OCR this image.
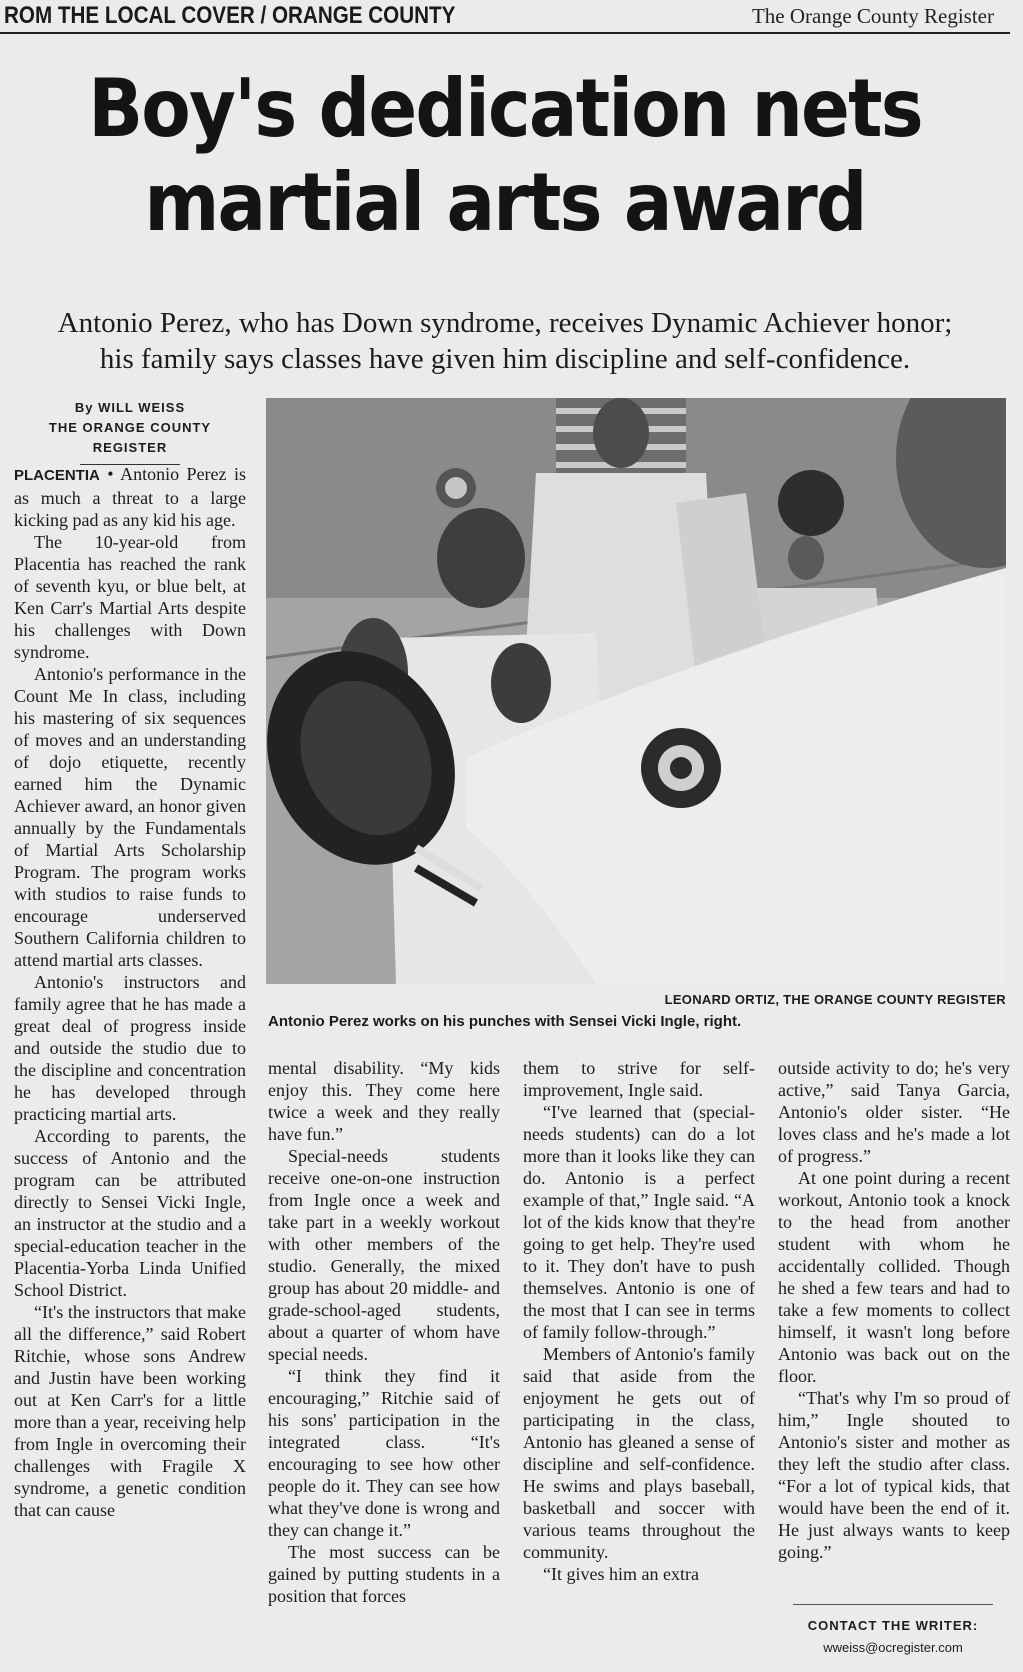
ROM THE LOCAL COVER / ORANGE COUNTY	The Orange County Register
Boy's dedication nets
martial arts award
Antonio Perez, who has Down syndrome, receives Dynamic Achiever honor;
his family says classes have given him discipline and self-confidence.
By WILL WEISS
THE ORANGE COUNTY REGISTER
LEONARD ORTIZ, THE ORANGE COUNTY REGISTER
Antonio Perez works on his punches with Sensei Vicki Ingle, right.

PLACENTIA • Antonio Perez is as much a threat to a large kicking pad as any kid his age.

The 10-year-old from Placentia has reached the rank of seventh kyu, or blue belt, at Ken Carr's Martial Arts despite his challenges with Down syndrome.

Antonio's performance in the Count Me In class, including his mastering of six sequences of moves and an understanding of dojo etiquette, recently earned him the Dynamic Achiever award, an honor given annually by the Fundamentals of Martial Arts Scholarship Program. The program works with studios to raise funds to encourage underserved Southern California children to attend martial arts classes.

Antonio's instructors and family agree that he has made a great deal of progress inside and outside the studio due to the discipline and concentration he has developed through practicing martial arts.

According to parents, the success of Antonio and the program can be attributed directly to Sensei Vicki Ingle, an instructor at the studio and a special-education teacher in the Placentia-Yorba Linda Unified School District.

“It's the instructors that make all the difference,” said Robert Ritchie, whose sons Andrew and Justin have been working out at Ken Carr's for a little more than a year, receiving help from Ingle in overcoming their challenges with Fragile X syndrome, a genetic condition that can cause

mental disability. “My kids enjoy this. They come here twice a week and they really have fun.”

Special-needs students receive one-on-one instruction from Ingle once a week and take part in a weekly workout with other members of the studio. Generally, the mixed group has about 20 middle- and grade-school-aged students, about a quarter of whom have special needs.

“I think they find it encouraging,” Ritchie said of his sons' participation in the integrated class. “It's encouraging to see how other people do it. They can see how what they've done is wrong and they can change it.”

The most success can be gained by putting students in a position that forces

them to strive for self-improvement, Ingle said.

“I've learned that (special-needs students) can do a lot more than it looks like they can do. Antonio is a perfect example of that,” Ingle said. “A lot of the kids know that they're going to get help. They're used to it. They don't have to push themselves. Antonio is one of the most that I can see in terms of family follow-through.”

Members of Antonio's family said that aside from the enjoyment he gets out of participating in the class, Antonio has gleaned a sense of discipline and self-confidence. He swims and plays baseball, basketball and soccer with various teams throughout the community.

“It gives him an extra

outside activity to do; he's very active,” said Tanya Garcia, Antonio's older sister. “He loves class and he's made a lot of progress.”

At one point during a recent workout, Antonio took a knock to the head from another student with whom he accidentally collided. Though he shed a few tears and had to take a few moments to collect himself, it wasn't long before Antonio was back out on the floor.

“That's why I'm so proud of him,” Ingle shouted to Antonio's sister and mother as they left the studio after class. “For a lot of typical kids, that would have been the end of it. He just always wants to keep going.”

CONTACT THE WRITER:
wweiss@ocregister.com
